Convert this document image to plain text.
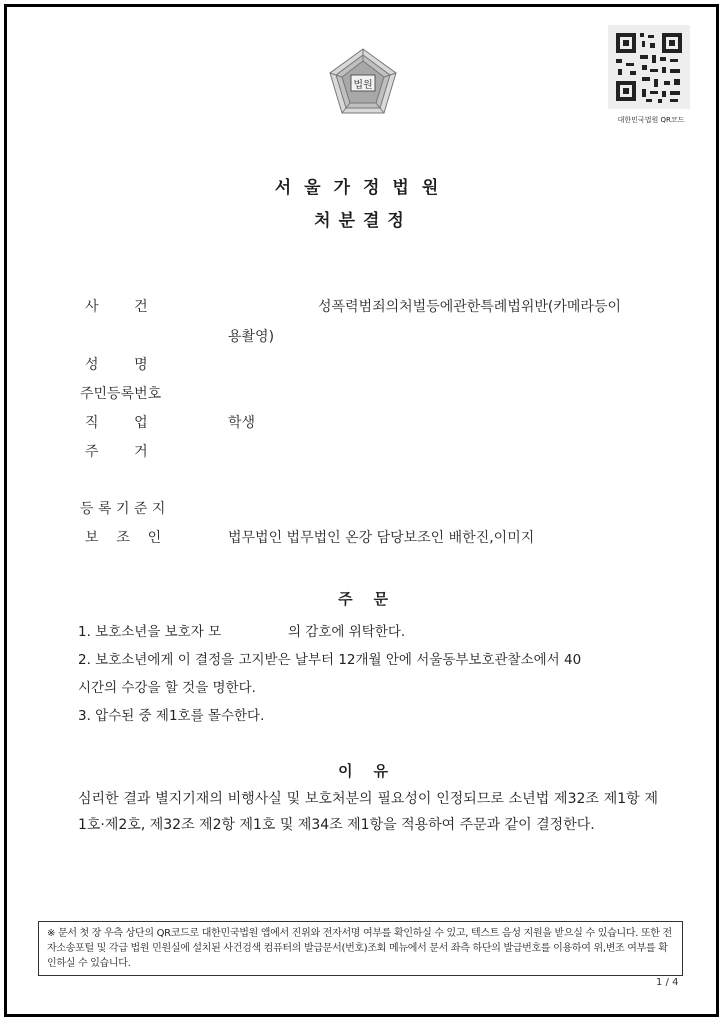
법원
대한민국법원 QR코드
서울가정법원
처분결정
사        건	성폭력범죄의처벌등에관한특례법위반(카메라등이
용촬영)
성        명
주민등록번호
직        업	학생
주        거
등 록 기 준 지
보    조    인	법무법인 법무법인 온강 담당보조인 배한진,이미지
주    문
1. 보호소년을 보호자 모	의 감호에 위탁한다.
2. 보호소년에게 이 결정을 고지받은 날부터 12개월 안에 서울동부보호관찰소에서 40
시간의 수강을 할 것을 명한다.
3. 압수된 중 제1호를 몰수한다.
이    유
심리한 결과 별지기재의 비행사실 및 보호처분의 필요성이 인정되므로 소년법 제32조 제1항 제1호·제2호, 제32조 제2항 제1호 및 제34조 제1항을 적용하여 주문과 같이 결정한다.
※ 문서 첫 장 우측 상단의 QR코드로 대한민국법원 앱에서 진위와 전자서명 여부를 확인하실 수 있고, 텍스트 음성 지원을 받으실 수 있습니다. 또한 전자소송포털 및 각급 법원 민원실에 설치된 사건검색 컴퓨터의 발급문서(번호)조회 메뉴에서 문서 좌측 하단의 발급번호를 이용하여 위,변조 여부를 확인하실 수 있습니다.
1 / 4
